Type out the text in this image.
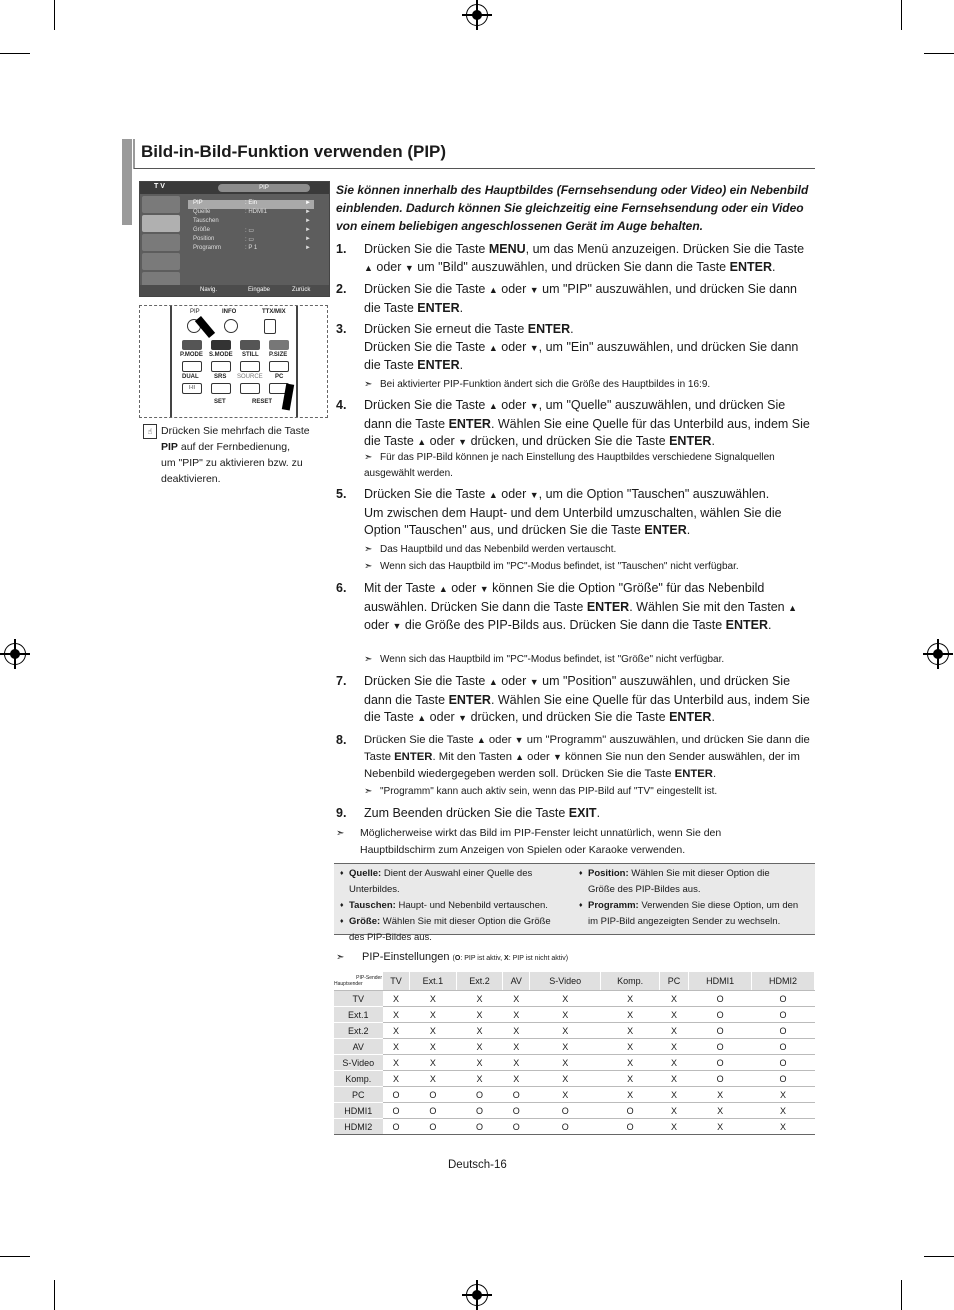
Bild-in-Bild-Funktion verwenden (PIP)
T V	PIP
PIP	: Ein	►
Quelle	: HDMI1	►
Tauschen	►
Größe	: ▭	►
Position	: ▭	►
Programm	: P 1	►
Navig.	Eingabe	Zurück
PIP	INFO	TTX/MIX
P.MODE S.MODE STILL P.SIZE
DUAL	SRS SOURCE PC
I-II
SET	RESET
☝ Drücken Sie mehrfach die Taste
PIP auf der Fernbedienung,
um "PIP" zu aktivieren bzw. zu
deaktivieren.
Sie können innerhalb des Hauptbildes (Fernsehsendung oder Video) ein Nebenbild einblenden. Dadurch können Sie gleichzeitig eine Fernsehsendung oder ein Video von einem beliebigen angeschlossenen Gerät im Auge behalten.
1. Drücken Sie die Taste MENU, um das Menü anzuzeigen. Drücken Sie die Taste
▲ oder ▼ um "Bild" auszuwählen, und drücken Sie dann die Taste ENTER.
2. Drücken Sie die Taste ▲ oder ▼ um "PIP" auszuwählen, und drücken Sie dann die Taste ENTER.
3. Drücken Sie erneut die Taste ENTER.
Drücken Sie die Taste ▲ oder ▼, um "Ein" auszuwählen, und drücken Sie dann die Taste ENTER.
➣ Bei aktivierter PIP-Funktion ändert sich die Größe des Hauptbildes in 16:9.
4. Drücken Sie die Taste ▲ oder ▼, um "Quelle" auszuwählen, und drücken Sie dann die Taste ENTER. Wählen Sie eine Quelle für das Unterbild aus, indem Sie die Taste ▲ oder ▼ drücken, und drücken Sie die Taste ENTER.
➣ Für das PIP-Bild können je nach Einstellung des Hauptbildes verschiedene Signalquellen ausgewählt werden.
5. Drücken Sie die Taste ▲ oder ▼, um die Option "Tauschen" auszuwählen.
Um zwischen dem Haupt- und dem Unterbild umzuschalten, wählen Sie die Option "Tauschen" aus, und drücken Sie die Taste ENTER.
➣ Das Hauptbild und das Nebenbild werden vertauscht.
➣ Wenn sich das Hauptbild im "PC"-Modus befindet, ist "Tauschen" nicht verfügbar.
6. Mit der Taste ▲ oder ▼ können Sie die Option "Größe" für das Nebenbild auswählen. Drücken Sie dann die Taste ENTER. Wählen Sie mit den Tasten ▲ oder ▼ die Größe des PIP-Bilds aus. Drücken Sie dann die Taste ENTER.
➣ Wenn sich das Hauptbild im "PC"-Modus befindet, ist "Größe" nicht verfügbar.
7. Drücken Sie die Taste ▲ oder ▼ um "Position" auszuwählen, und drücken Sie dann die Taste ENTER. Wählen Sie eine Quelle für das Unterbild aus, indem Sie die Taste ▲ oder ▼ drücken, und drücken Sie die Taste ENTER.
8. Drücken Sie die Taste ▲ oder ▼ um "Programm" auszuwählen, und drücken Sie dann die Taste ENTER. Mit den Tasten ▲ oder ▼ können Sie nun den Sender auswählen, der im Nebenbild wiedergegeben werden soll. Drücken Sie die Taste ENTER.
➣ "Programm" kann auch aktiv sein, wenn das PIP-Bild auf "TV" eingestellt ist.
9. Zum Beenden drücken Sie die Taste EXIT.
➣	Möglicherweise wirkt das Bild im PIP-Fenster leicht unnatürlich, wenn Sie den Hauptbildschirm zum Anzeigen von Spielen oder Karaoke verwenden.
♦ Quelle: Dient der Auswahl einer Quelle des Unterbildes.
♦ Tauschen: Haupt- und Nebenbild vertauschen.
♦ Größe: Wählen Sie mit dieser Option die Größe des PIP-Bildes aus.
♦ Position: Wählen Sie mit dieser Option die Größe des PIP-Bildes aus.
♦ Programm: Verwenden Sie diese Option, um den im PIP-Bild angezeigten Sender zu wechseln.
➣ PIP-Einstellungen (O: PIP ist aktiv, X: PIP ist nicht aktiv)
PIP-Sender
Hauptsender	TV	Ext.1	Ext.2	AV	S-Video	Komp.	PC	HDMI1	HDMI2
TV	X	X	X	X	X	X	X	O	O
Ext.1	X	X	X	X	X	X	X	O	O
Ext.2	X	X	X	X	X	X	X	O	O
AV	X	X	X	X	X	X	X	O	O
S-Video	X	X	X	X	X	X	X	O	O
Komp.	X	X	X	X	X	X	X	O	O
PC	O	O	O	O	X	X	X	X	X
HDMI1	O	O	O	O	O	O	X	X	X
HDMI2	O	O	O	O	O	O	X	X	X
Deutsch-16
